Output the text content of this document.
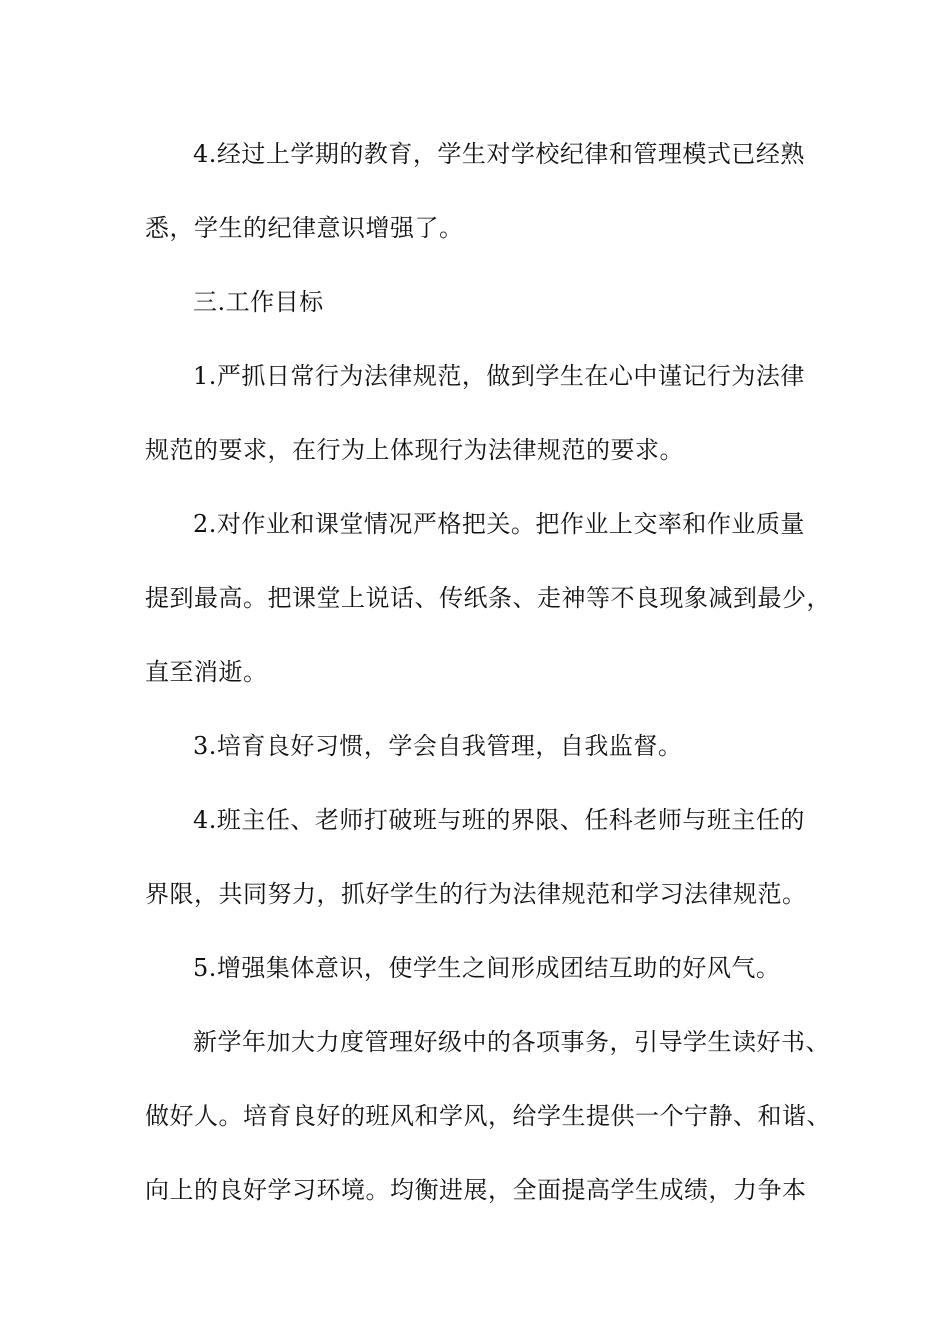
4.经过上学期的教育，学生对学校纪律和管理模式已经熟
悉，学生的纪律意识增强了。
三.工作目标
1.严抓日常行为法律规范，做到学生在心中谨记行为法律
规范的要求，在行为上体现行为法律规范的要求。
2.对作业和课堂情况严格把关。把作业上交率和作业质量
提到最高。把课堂上说话、传纸条、走神等不良现象减到最少，
直至消逝。
3.培育良好习惯，学会自我管理，自我监督。
4.班主任、老师打破班与班的界限、任科老师与班主任的
界限，共同努力，抓好学生的行为法律规范和学习法律规范。
5.增强集体意识，使学生之间形成团结互助的好风气。
新学年加大力度管理好级中的各项事务，引导学生读好书、
做好人。培育良好的班风和学风，给学生提供一个宁静、和谐、
向上的良好学习环境。均衡进展，全面提高学生成绩，力争本
